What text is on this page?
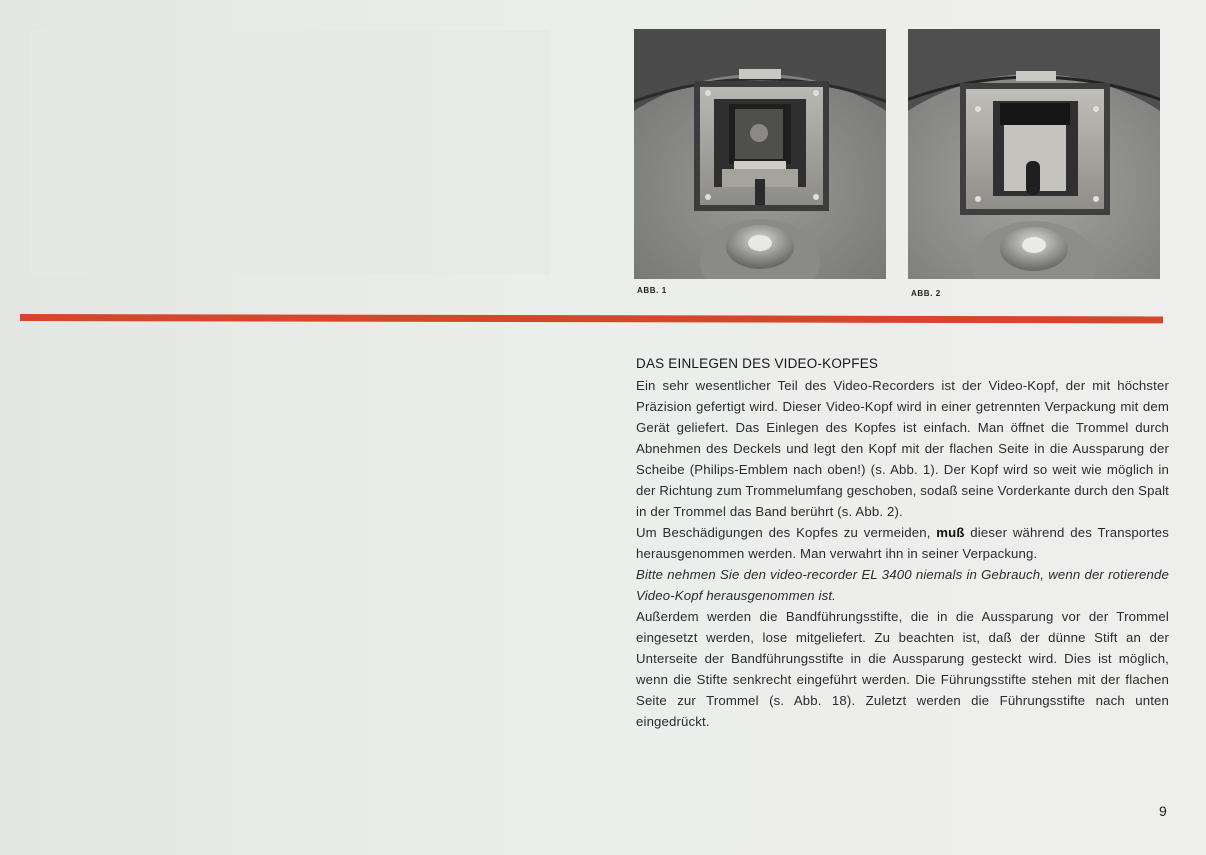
ABB. 1	ABB. 2
DAS EINLEGEN DES VIDEO-KOPFES

Ein sehr wesentlicher Teil des Video-Recorders ist der Video-Kopf, der mit höchster Präzision gefertigt wird. Dieser Video-Kopf wird in einer getrennten Verpackung mit dem Gerät geliefert. Das Einlegen des Kopfes ist einfach. Man öffnet die Trommel durch Abnehmen des Deckels und legt den Kopf mit der flachen Seite in die Aussparung der Scheibe (Philips-Emblem nach oben!) (s. Abb. 1). Der Kopf wird so weit wie möglich in der Richtung zum Trommelumfang geschoben, sodaß seine Vorderkante durch den Spalt in der Trommel das Band berührt (s. Abb. 2).

Um Beschädigungen des Kopfes zu vermeiden, muß dieser während des Transportes herausgenommen werden. Man verwahrt ihn in seiner Verpackung.

Bitte nehmen Sie den video-recorder EL 3400 niemals in Gebrauch, wenn der rotierende Video-Kopf herausgenommen ist.

Außerdem werden die Bandführungsstifte, die in die Aussparung vor der Trommel eingesetzt werden, lose mitgeliefert. Zu beachten ist, daß der dünne Stift an der Unterseite der Bandführungsstifte in die Aussparung gesteckt wird. Dies ist möglich, wenn die Stifte senkrecht eingeführt werden. Die Führungsstifte stehen mit der flachen Seite zur Trommel (s. Abb. 18). Zuletzt werden die Führungsstifte nach unten eingedrückt.

9
